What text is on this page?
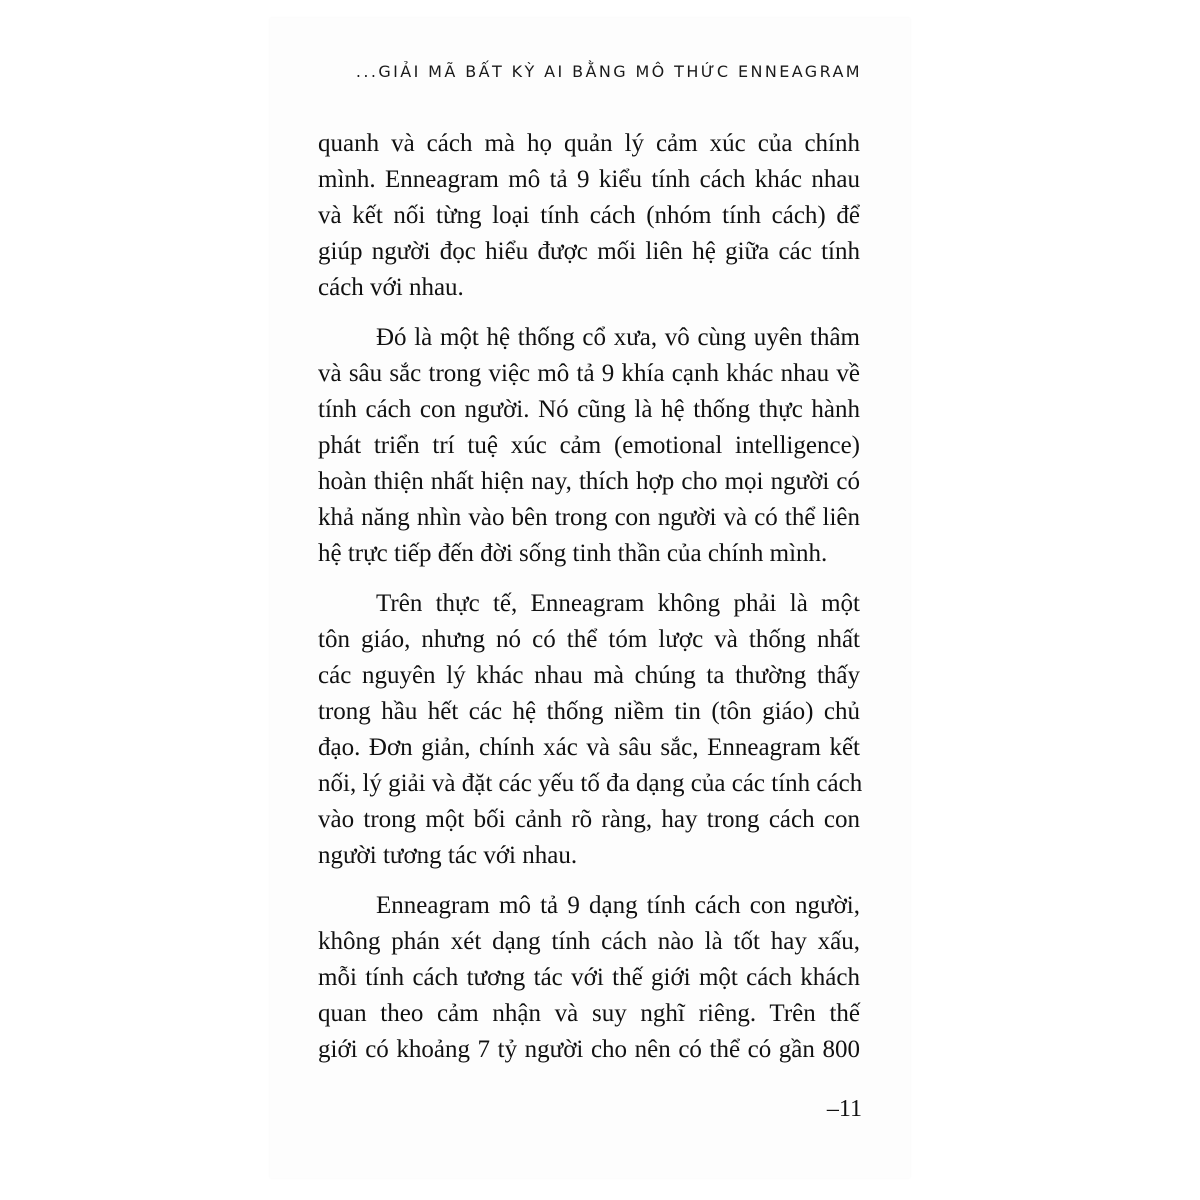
...GIẢI MÃ BẤT KỲ AI BẰNG MÔ THỨC ENNEAGRAM
quanh và cách mà họ quản lý cảm xúc của chính
mình. Enneagram mô tả 9 kiểu tính cách khác nhau
và kết nối từng loại tính cách (nhóm tính cách) để
giúp người đọc hiểu được mối liên hệ giữa các tính
cách với nhau.
Đó là một hệ thống cổ xưa, vô cùng uyên thâm
và sâu sắc trong việc mô tả 9 khía cạnh khác nhau về
tính cách con người. Nó cũng là hệ thống thực hành
phát triển trí tuệ xúc cảm (emotional intelligence)
hoàn thiện nhất hiện nay, thích hợp cho mọi người có
khả năng nhìn vào bên trong con người và có thể liên
hệ trực tiếp đến đời sống tinh thần của chính mình.
Trên thực tế, Enneagram không phải là một
tôn giáo, nhưng nó có thể tóm lược và thống nhất
các nguyên lý khác nhau mà chúng ta thường thấy
trong hầu hết các hệ thống niềm tin (tôn giáo) chủ
đạo. Đơn giản, chính xác và sâu sắc, Enneagram kết
nối, lý giải và đặt các yếu tố đa dạng của các tính cách
vào trong một bối cảnh rõ ràng, hay trong cách con
người tương tác với nhau.
Enneagram mô tả 9 dạng tính cách con người,
không phán xét dạng tính cách nào là tốt hay xấu,
mỗi tính cách tương tác với thế giới một cách khách
quan theo cảm nhận và suy nghĩ riêng. Trên thế
giới có khoảng 7 tỷ người cho nên có thể có gần 800
–11
